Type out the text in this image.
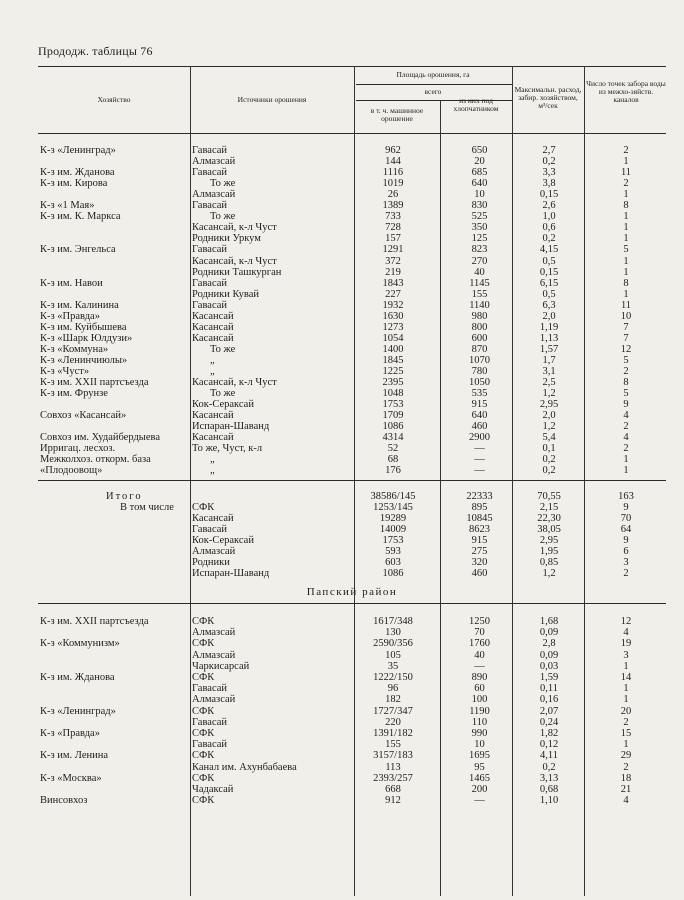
Прододж. таблицы 76
Хозяйство	Источники орошения
Площадь орошения, га
всего
в т. ч. машинное орошение
из них под хлопчатником
Максимальн. расход, забир. хозяйством, м³/сек
Число точек забора воды из межхо-зяйств. каналов
К-з «Ленинград»	Гавасай	962	650	2,7	2
Алмазсай	144	20	0,2	1
К-з им. Жданова	Гавасай	1116	685	3,3	11
К-з им. Кирова	То же	1019	640	3,8	2
Алмазсай	26	10	0,15	1
К-з «1 Мая»	Гавасай	1389	830	2,6	8
К-з им. К. Маркса	То же	733	525	1,0	1
Касансай, к-л Чуст	728	350	0,6	1
Родники Уркум	157	125	0,2	1
К-з им. Энгельса	Гавасай	1291	823	4,15	5
Касансай, к-л Чуст	372	270	0,5	1
Родники Ташкурган	219	40	0,15	1
К-з им. Навои	Гавасай	1843	1145	6,15	8
Родники Кувай	227	155	0,5	1
К-з им. Калинина	Гавасай	1932	1140	6,3	11
К-з «Правда»	Касансай	1630	980	2,0	10
К-з им. Куйбышева	Касансай	1273	800	1,19	7
К-з «Шарк Юлдузи»	Касансай	1054	600	1,13	7
К-з «Коммуна»	То же	1400	870	1,57	12
К-з «Ленинчиюлы»	„	1845	1070	1,7	5
К-з «Чуст»	„	1225	780	3,1	2
К-з им. XXII партсъезда	Касансай, к-л Чуст	2395	1050	2,5	8
К-з им. Фрунзе	То же	1048	535	1,2	5
Кок-Сераксай	1753	915	2,95	9
Совхоз «Касансай»	Касансай	1709	640	2,0	4
Испаран-Шаванд	1086	460	1,2	2
Совхоз им. Худайбердыева	Касансай	4314	2900	5,4	4
Ирригац. лесхоз.	То же, Чуст, к-л	52	—	0,1	2
Межколхоз. откорм. база	„	68	—	0,2	1
«Плодоовощ»	„	176	—	0,2	1
Итого
В том числе
38586/145	22333	70,55	163
СФК	1253/145	895	2,15	9
Касансай	19289	10845	22,30	70
Гавасай	14009	8623	38,05	64
Кок-Сераксай	1753	915	2,95	9
Алмазсай	593	275	1,95	6
Родники	603	320	0,85	3
Испаран-Шаванд	1086	460	1,2	2
Папский район
К-з им. XXII партсъезда	СФК	1617/348	1250	1,68	12
Алмазсай	130	70	0,09	4
К-з «Коммунизм»	СФК	2590/356	1760	2,8	19
Алмазсай	105	40	0,09	3
Чаркисарсай	35	—	0,03	1
К-з им. Жданова	СФК	1222/150	890	1,59	14
Гавасай	96	60	0,11	1
Алмазсай	182	100	0,16	1
К-з «Ленинград»	СФК	1727/347	1190	2,07	20
Гавасай	220	110	0,24	2
К-з «Правда»	СФК	1391/182	990	1,82	15
Гавасай	155	10	0,12	1
К-з им. Ленина	СФК	3157/183	1695	4,11	29
Канал им. Ахунбабаева	113	95	0,2	2
К-з «Москва»	СФК	2393/257	1465	3,13	18
Чадаксай	668	200	0,68	21
Винсовхоз	СФК	912	—	1,10	4
